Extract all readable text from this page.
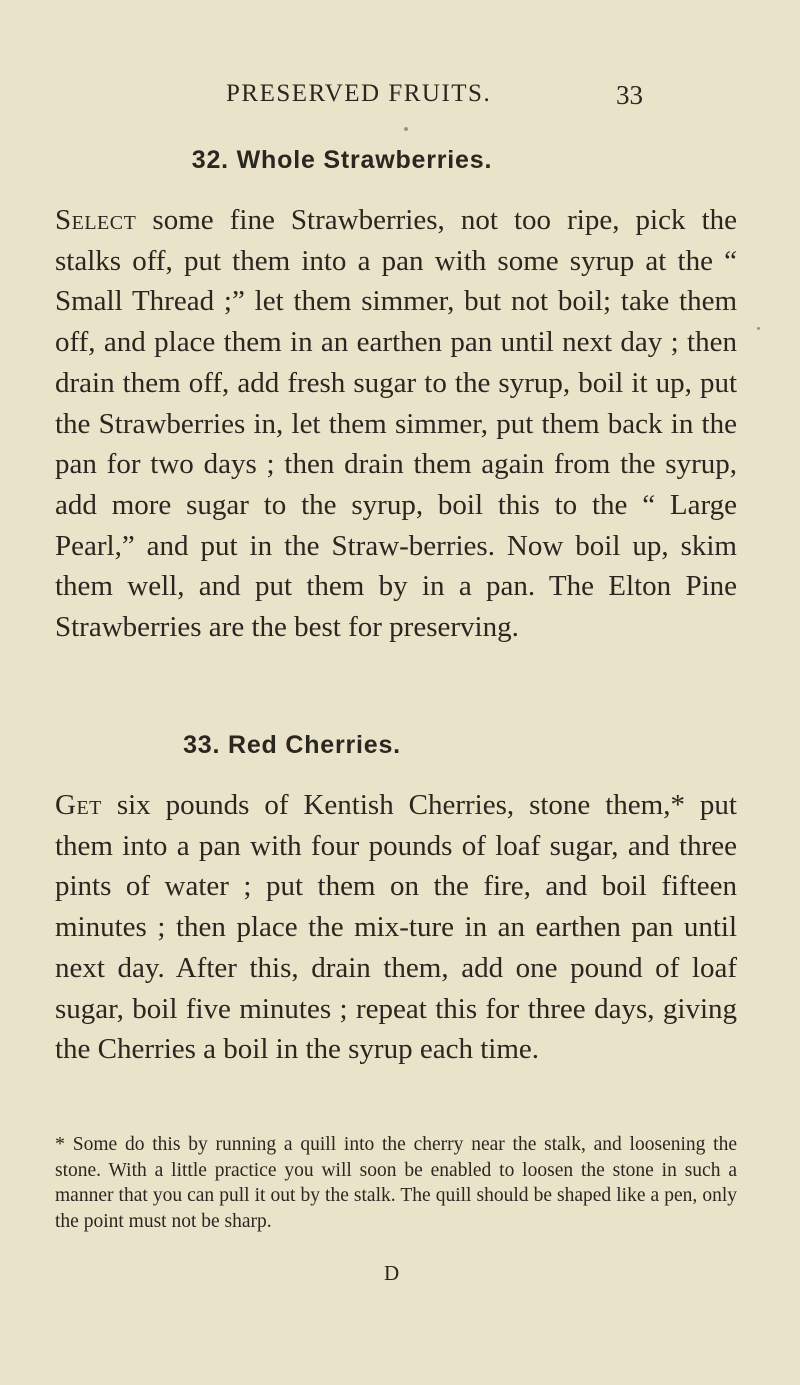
PRESERVED FRUITS.	33
32. Whole Strawberries.
Select some fine Strawberries, not too ripe, pick the stalks off, put them into a pan with some syrup at the “ Small Thread ;” let them simmer, but not boil; take them off, and place them in an earthen pan until next day ; then drain them off, add fresh sugar to the syrup, boil it up, put the Strawberries in, let them simmer, put them back in the pan for two days ; then drain them again from the syrup, add more sugar to the syrup, boil this to the “ Large Pearl,” and put in the Straw-berries. Now boil up, skim them well, and put them by in a pan. The Elton Pine Strawberries are the best for preserving.
33. Red Cherries.
Get six pounds of Kentish Cherries, stone them,* put them into a pan with four pounds of loaf sugar, and three pints of water ; put them on the fire, and boil fifteen minutes ; then place the mix-ture in an earthen pan until next day. After this, drain them, add one pound of loaf sugar, boil five minutes ; repeat this for three days, giving the Cherries a boil in the syrup each time.
* Some do this by running a quill into the cherry near the stalk, and loosening the stone. With a little practice you will soon be enabled to loosen the stone in such a manner that you can pull it out by the stalk. The quill should be shaped like a pen, only the point must not be sharp.
D
